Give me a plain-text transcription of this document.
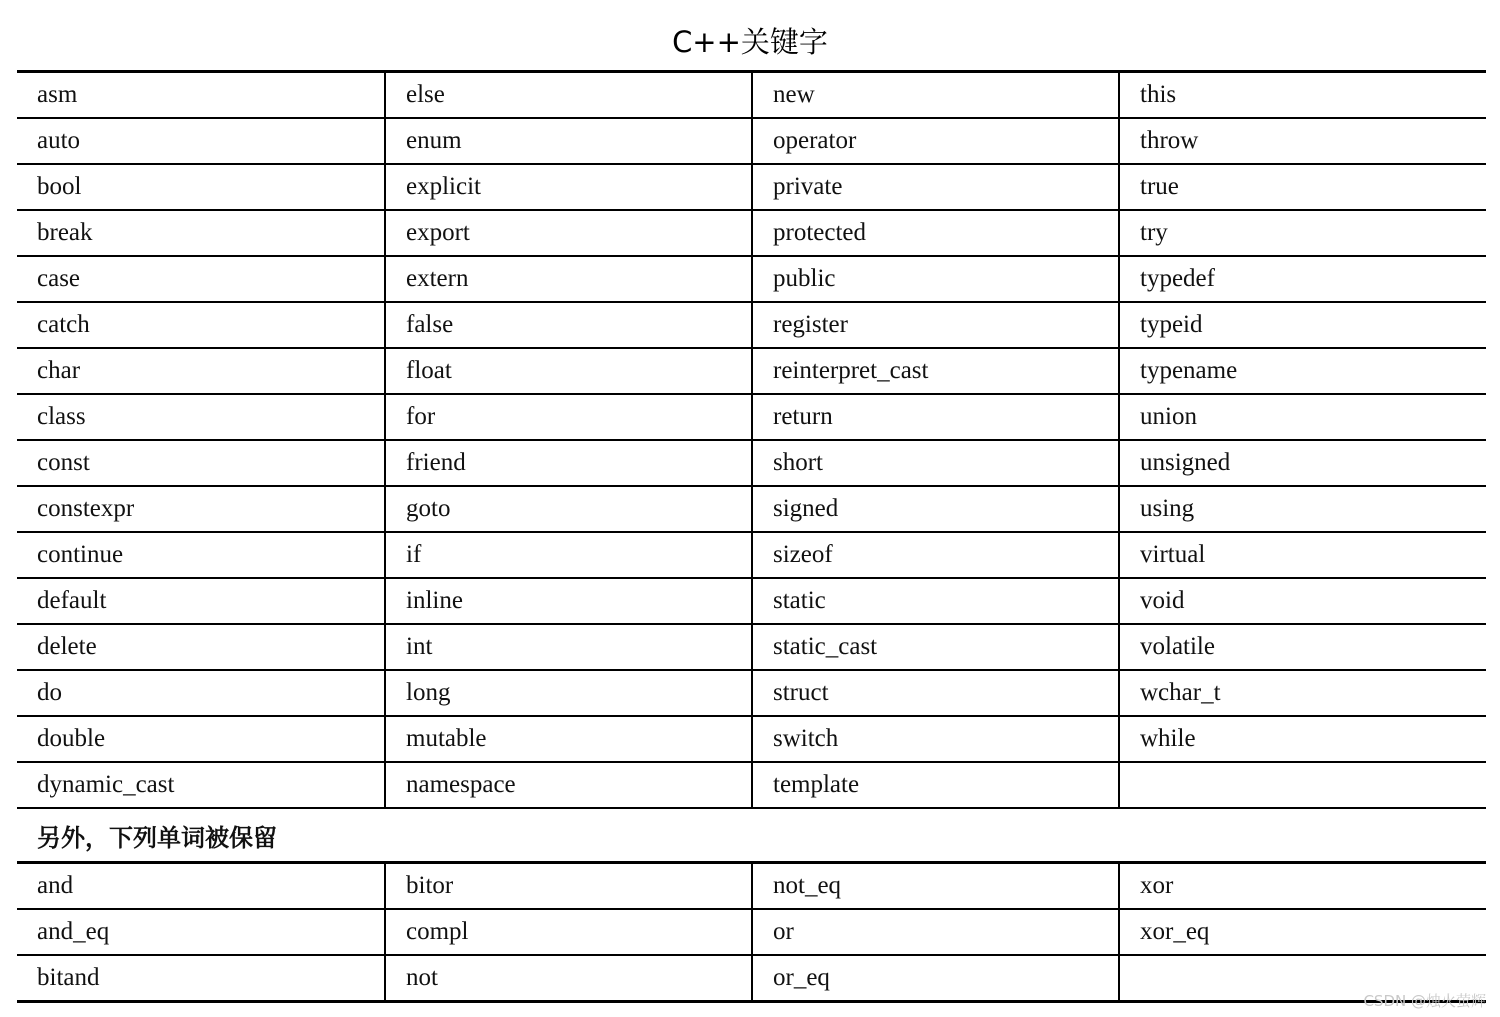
C++关键字
asm	else	new	this
auto	enum	operator	throw
bool	explicit	private	true
break	export	protected	try
case	extern	public	typedef
catch	false	register	typeid
char	float	reinterpret_cast	typename
class	for	return	union
const	friend	short	unsigned
constexpr	goto	signed	using
continue	if	sizeof	virtual
default	inline	static	void
delete	int	static_cast	volatile
do	long	struct	wchar_t
double	mutable	switch	while
dynamic_cast	namespace	template	
另外，下列单词被保留			
and	bitor	not_eq	xor
and_eq	compl	or	xor_eq
bitand	not	or_eq	
CSDN @烛火萤辉
